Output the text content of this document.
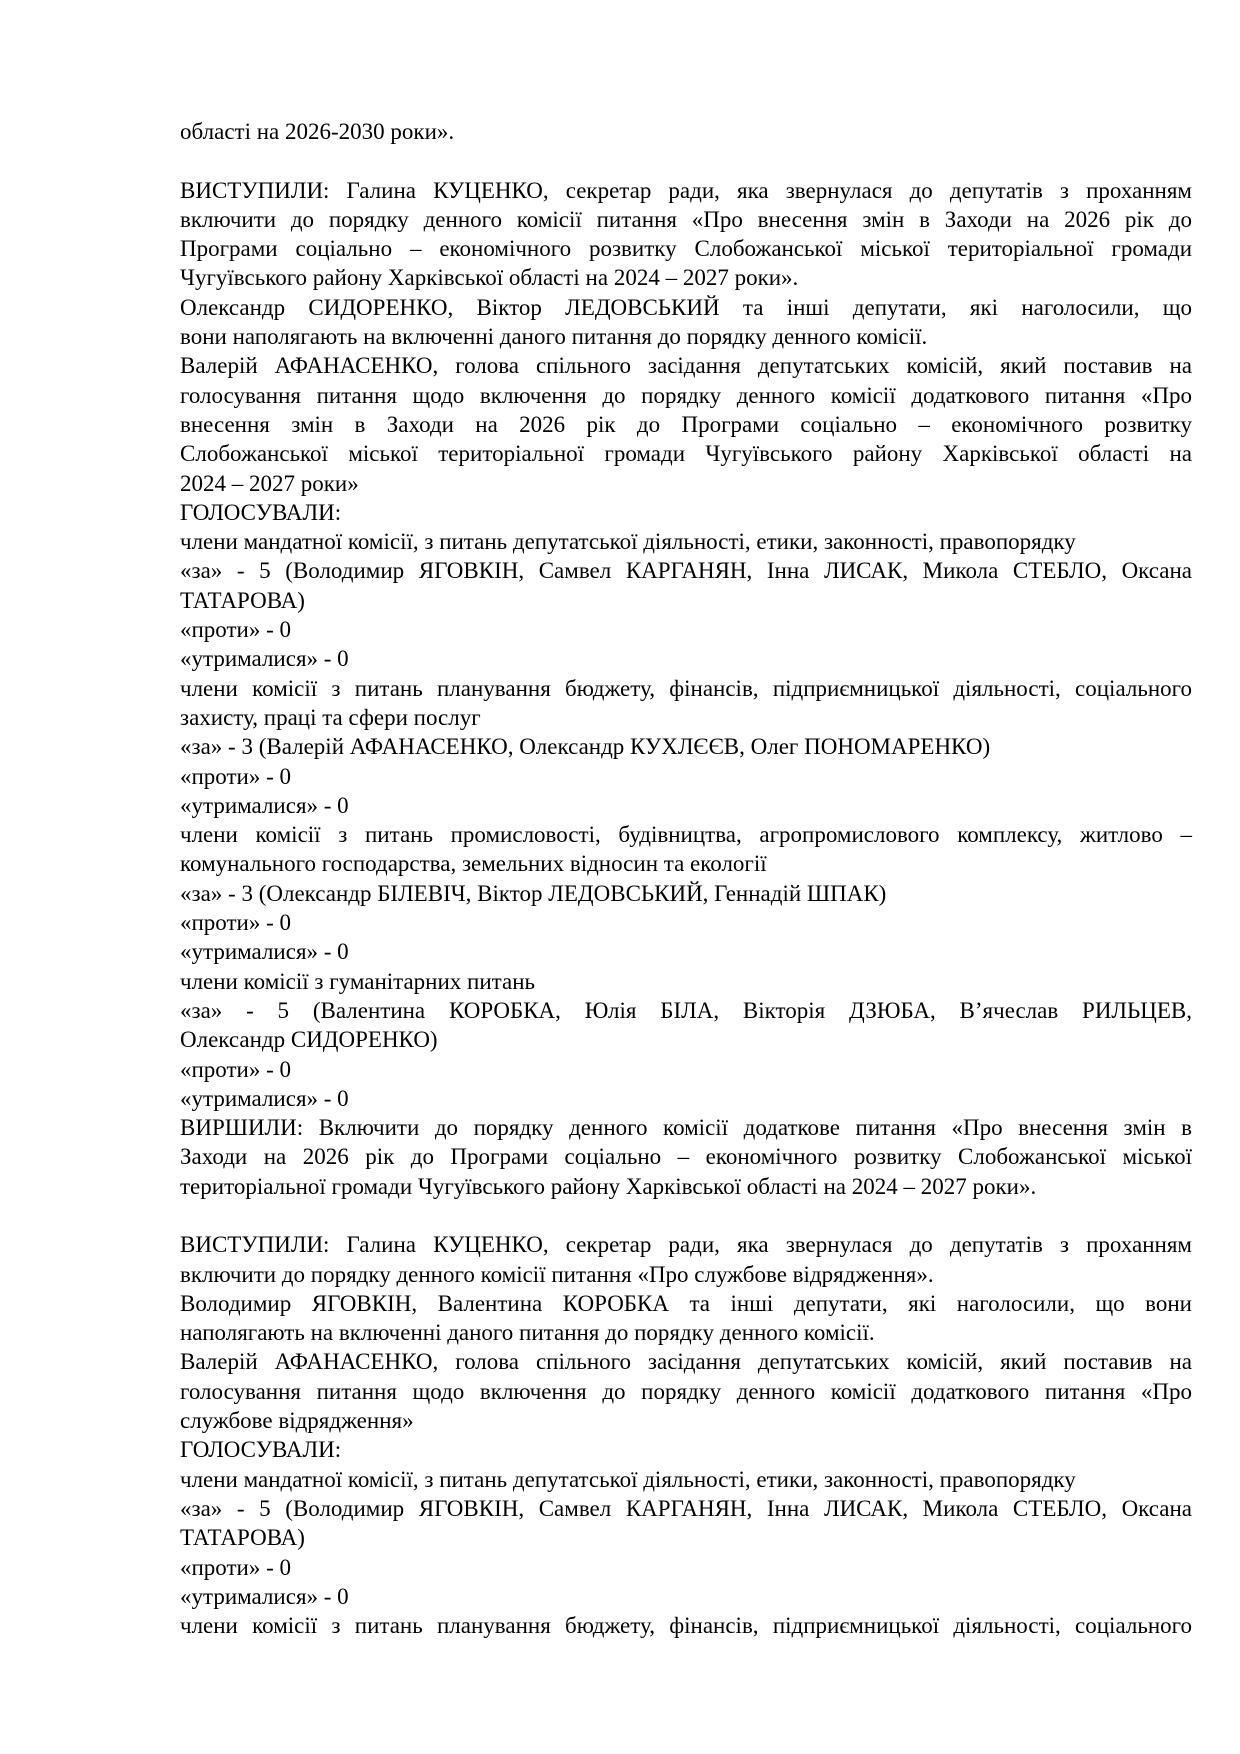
області на 2026-2030 роки».
ВИСТУПИЛИ: Галина КУЦЕНКО, секретар ради, яка звернулася до депутатів з проханням
включити до порядку денного комісії питання «Про внесення змін в Заходи на 2026 рік до
Програми соціально – економічного розвитку Слобожанської міської територіальної громади
Чугуївського району Харківської області на 2024 – 2027 роки».
Олександр СИДОРЕНКО, Віктор ЛЕДОВСЬКИЙ та інші депутати, які наголосили, що
вони наполягають на включенні даного питання до порядку денного комісії.
Валерій АФАНАСЕНКО, голова спільного засідання депутатських комісій, який поставив на
голосування питання щодо включення до порядку денного комісії додаткового питання «Про
внесення змін в Заходи на 2026 рік до Програми соціально – економічного розвитку
Слобожанської міської територіальної громади Чугуївського району Харківської області на
2024 – 2027 роки»
ГОЛОСУВАЛИ:
члени мандатної комісії, з питань депутатської діяльності, етики, законності, правопорядку
«за» - 5 (Володимир ЯГОВКІН, Самвел КАРГАНЯН, Інна ЛИСАК, Микола СТЕБЛО, Оксана
ТАТАРОВА)
«проти» - 0
«утрималися» - 0
члени комісії з питань планування бюджету, фінансів, підприємницької діяльності, соціального
захисту, праці та сфери послуг
«за» - 3 (Валерій АФАНАСЕНКО, Олександр КУХЛЄЄВ, Олег ПОНОМАРЕНКО)
«проти» - 0
«утрималися» - 0
члени комісії з питань промисловості, будівництва, агропромислового комплексу, житлово –
комунального господарства, земельних відносин та екології
«за» - 3 (Олександр БІЛЕВІЧ, Віктор ЛЕДОВСЬКИЙ, Геннадій ШПАК)
«проти» - 0
«утрималися» - 0
члени комісії з гуманітарних питань
«за» - 5 (Валентина КОРОБКА, Юлія БІЛА, Вікторія ДЗЮБА, В’ячеслав РИЛЬЦЕВ,
Олександр СИДОРЕНКО)
«проти» - 0
«утрималися» - 0
ВИРШИЛИ: Включити до порядку денного комісії додаткове питання «Про внесення змін в
Заходи на 2026 рік до Програми соціально – економічного розвитку Слобожанської міської
територіальної громади Чугуївського району Харківської області на 2024 – 2027 роки».
ВИСТУПИЛИ: Галина КУЦЕНКО, секретар ради, яка звернулася до депутатів з проханням
включити до порядку денного комісії питання «Про службове відрядження».
Володимир ЯГОВКІН, Валентина КОРОБКА та інші депутати, які наголосили, що вони
наполягають на включенні даного питання до порядку денного комісії.
Валерій АФАНАСЕНКО, голова спільного засідання депутатських комісій, який поставив на
голосування питання щодо включення до порядку денного комісії додаткового питання «Про
службове відрядження»
ГОЛОСУВАЛИ:
члени мандатної комісії, з питань депутатської діяльності, етики, законності, правопорядку
«за» - 5 (Володимир ЯГОВКІН, Самвел КАРГАНЯН, Інна ЛИСАК, Микола СТЕБЛО, Оксана
ТАТАРОВА)
«проти» - 0
«утрималися» - 0
члени комісії з питань планування бюджету, фінансів, підприємницької діяльності, соціального
